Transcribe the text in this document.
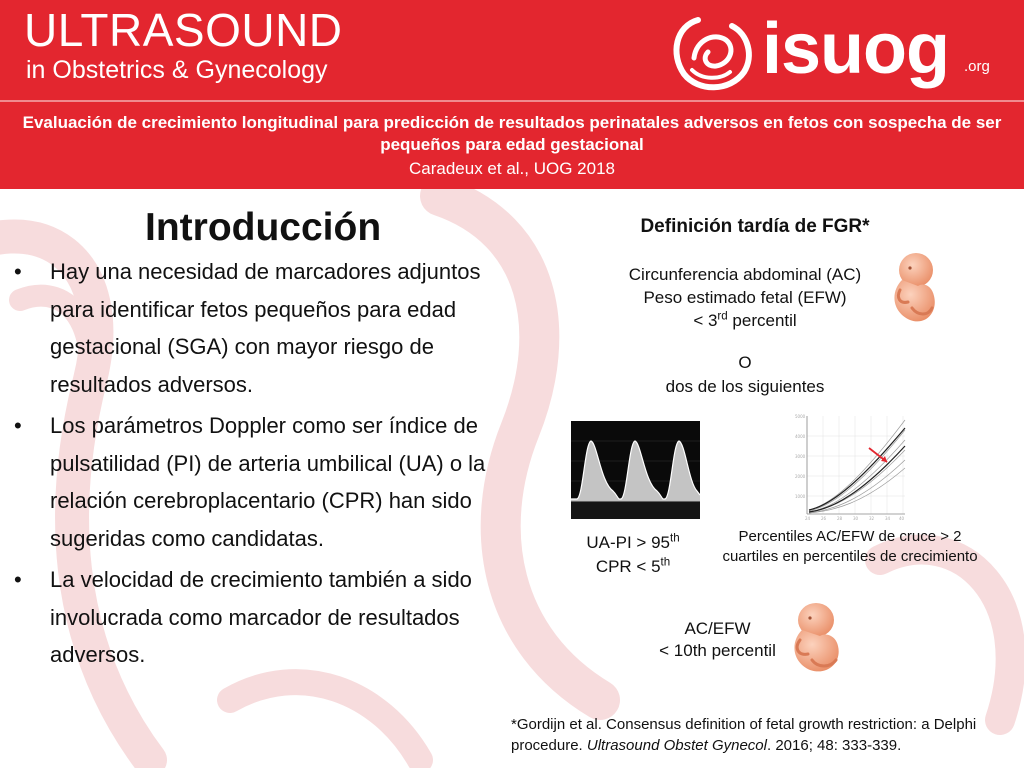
ULTRASOUND
in Obstetrics & Gynecology	isuog .org
Evaluación de crecimiento longitudinal para predicción de resultados perinatales adversos en fetos con sospecha de ser pequeños para edad gestacional
Caradeux et al., UOG 2018
Introducción
• Hay una necesidad de marcadores adjuntos para identificar fetos pequeños para edad gestacional (SGA) con mayor riesgo de resultados adversos.
• Los parámetros Doppler como ser índice de pulsatilidad (PI) de arteria umbilical (UA) o la relación cerebroplacentario (CPR) han sido sugeridas como candidatas.
• La velocidad de crecimiento también a sido involucrada como marcador de resultados adversos.
Definición tardía de FGR*
Circunferencia abdominal (AC)
Peso estimado fetal (EFW)
< 3rd percentil
O
dos de los siguientes
UA-PI > 95th
CPR < 5th
5000
4000
3000
2000
1000
24	26	28	30	32	34 40
Percentiles AC/EFW de cruce > 2
cuartiles en percentiles de crecimiento
AC/EFW
< 10th percentil
*Gordijn et al. Consensus definition of fetal growth restriction: a Delphi procedure. Ultrasound Obstet Gynecol. 2016; 48: 333-339.
